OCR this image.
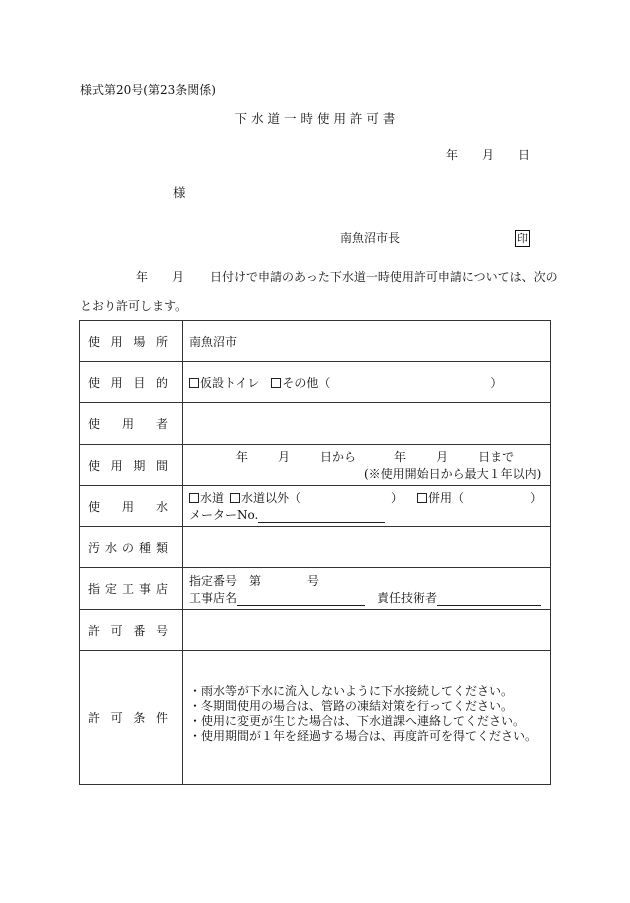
様式第20号(第23条関係)
下 水 道 一 時 使 用 許 可 書
年 月 日
様
南魚沼市長	印
年 月 日付けで申請のあった下水道一時使用許可申請については、次の
とおり許可します。
使 用 場 所	南魚沼市

使 用 目 的	仮設トイレ その他（ ）

使 用 者	

使 用 期 間	年 月 日から 年 月 日まで
(※使用開始日から最大１年以内)

使 用 水	水道 水道以外（ ） 併用（ ）
メーターNo.

汚 水 の 種 類	

指 定 工 事 店	指定番号　第 号
工事店名 責任技術者

許 可 番 号	

許 可 条 件	・雨水等が下水に流入しないように下水接続してください。
・冬期間使用の場合は、管路の凍結対策を行ってください。
・使用に変更が生じた場合は、下水道課へ連絡してください。
・使用期間が１年を経過する場合は、再度許可を得てください。
